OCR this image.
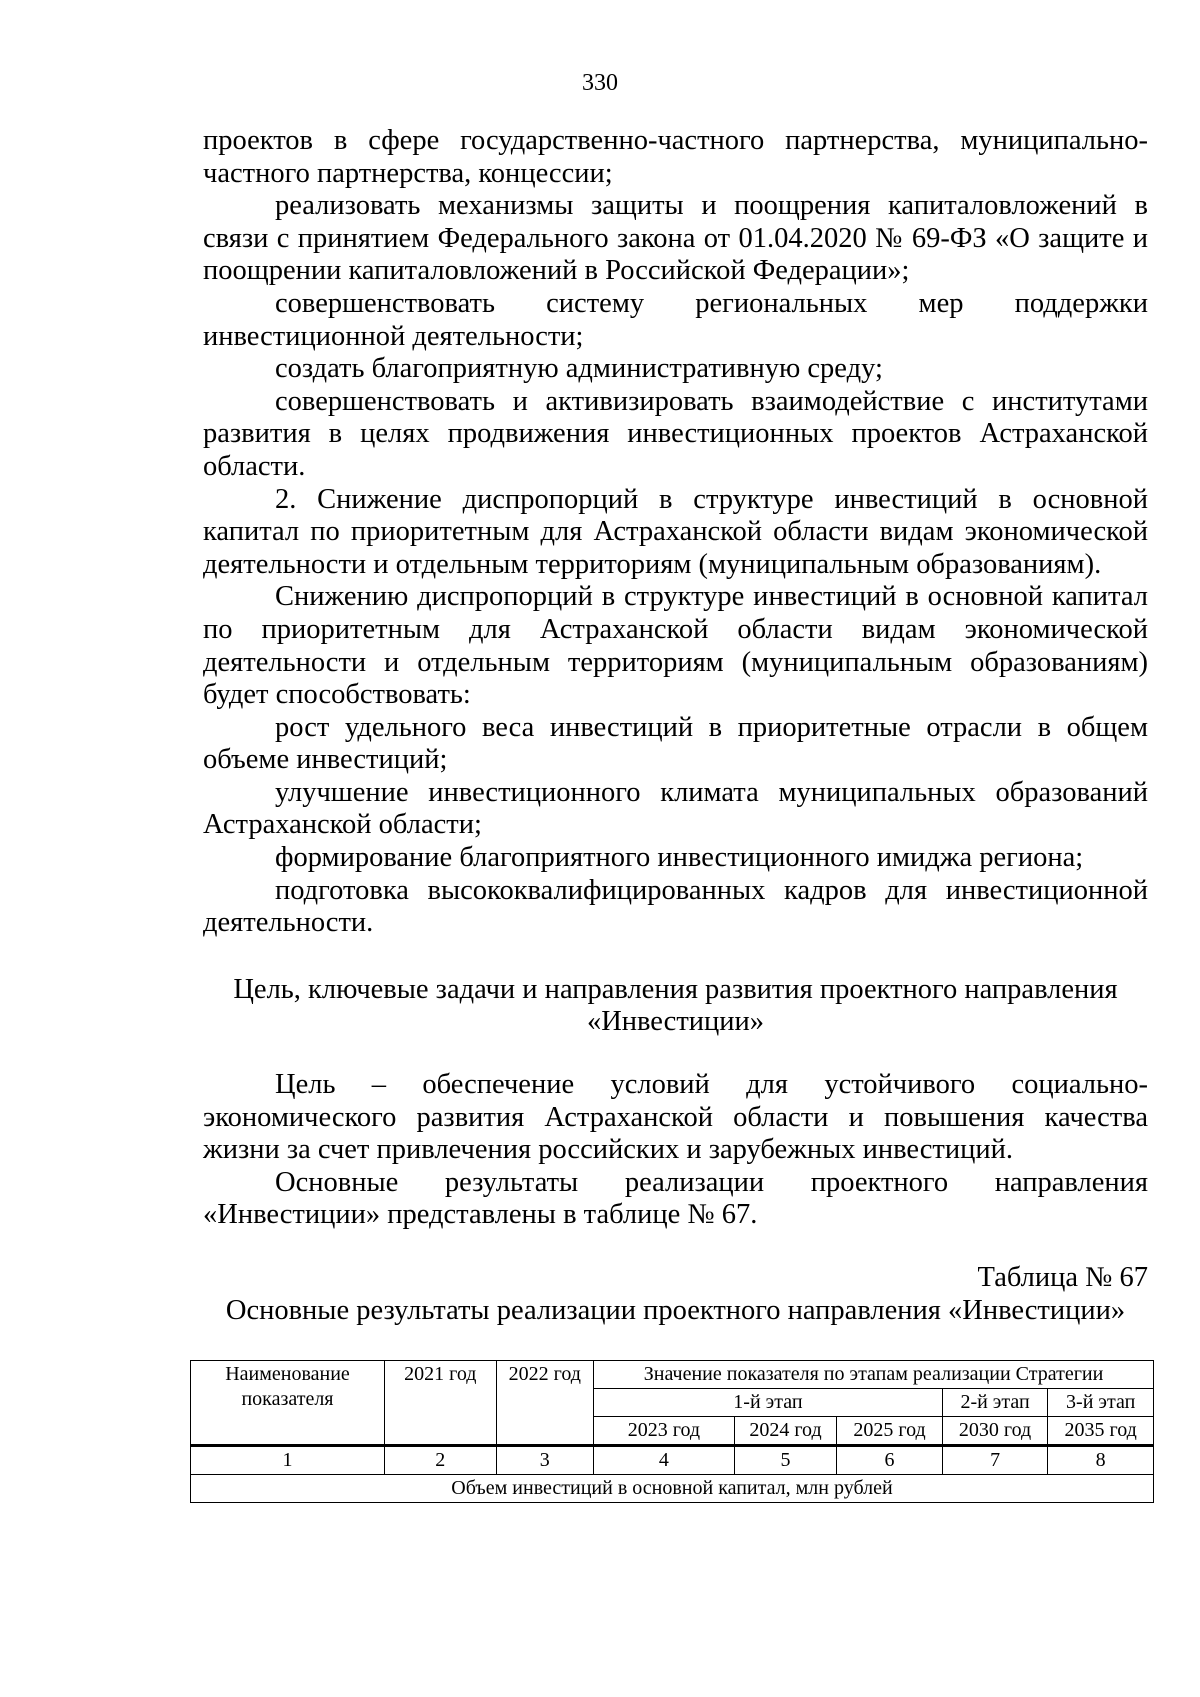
330

проектов в сфере государственно-частного партнерства, муниципально-частного партнерства, концессии;

реализовать механизмы защиты и поощрения капиталовложений в связи с принятием Федерального закона от 01.04.2020 № 69-ФЗ «О защите и поощрении капиталовложений в Российской Федерации»;

совершенствовать систему региональных мер поддержки инвестиционной деятельности;

создать благоприятную административную среду;

совершенствовать и активизировать взаимодействие с институтами развития в целях продвижения инвестиционных проектов Астраханской области.

2. Снижение диспропорций в структуре инвестиций в основной капитал по приоритетным для Астраханской области видам экономической деятельности и отдельным территориям (муниципальным образованиям).

Снижению диспропорций в структуре инвестиций в основной капитал по приоритетным для Астраханской области видам экономической деятельности и отдельным территориям (муниципальным образованиям) будет способствовать:

рост удельного веса инвестиций в приоритетные отрасли в общем объеме инвестиций;

улучшение инвестиционного климата муниципальных образований Астраханской области;

формирование благоприятного инвестиционного имиджа региона;

подготовка высококвалифицированных кадров для инвестиционной деятельности.

Цель, ключевые задачи и направления развития проектного направления

«Инвестиции»

Цель – обеспечение условий для устойчивого социально-экономического развития Астраханской области и повышения качества жизни за счет привлечения российских и зарубежных инвестиций.

Основные результаты реализации проектного направления «Инвестиции» представлены в таблице № 67.

Таблица № 67

Основные результаты реализации проектного направления «Инвестиции»

Наименование показателя	2021 год	2022 год	Значение показателя по этапам реализации Стратегии				
			1-й этап			2-й этап	3-й этап
			2023 год	2024 год	2025 год	2030 год	2035 год
1	2	3	4	5	6	7	8
Объем инвестиций в основной капитал, млн рублей							
